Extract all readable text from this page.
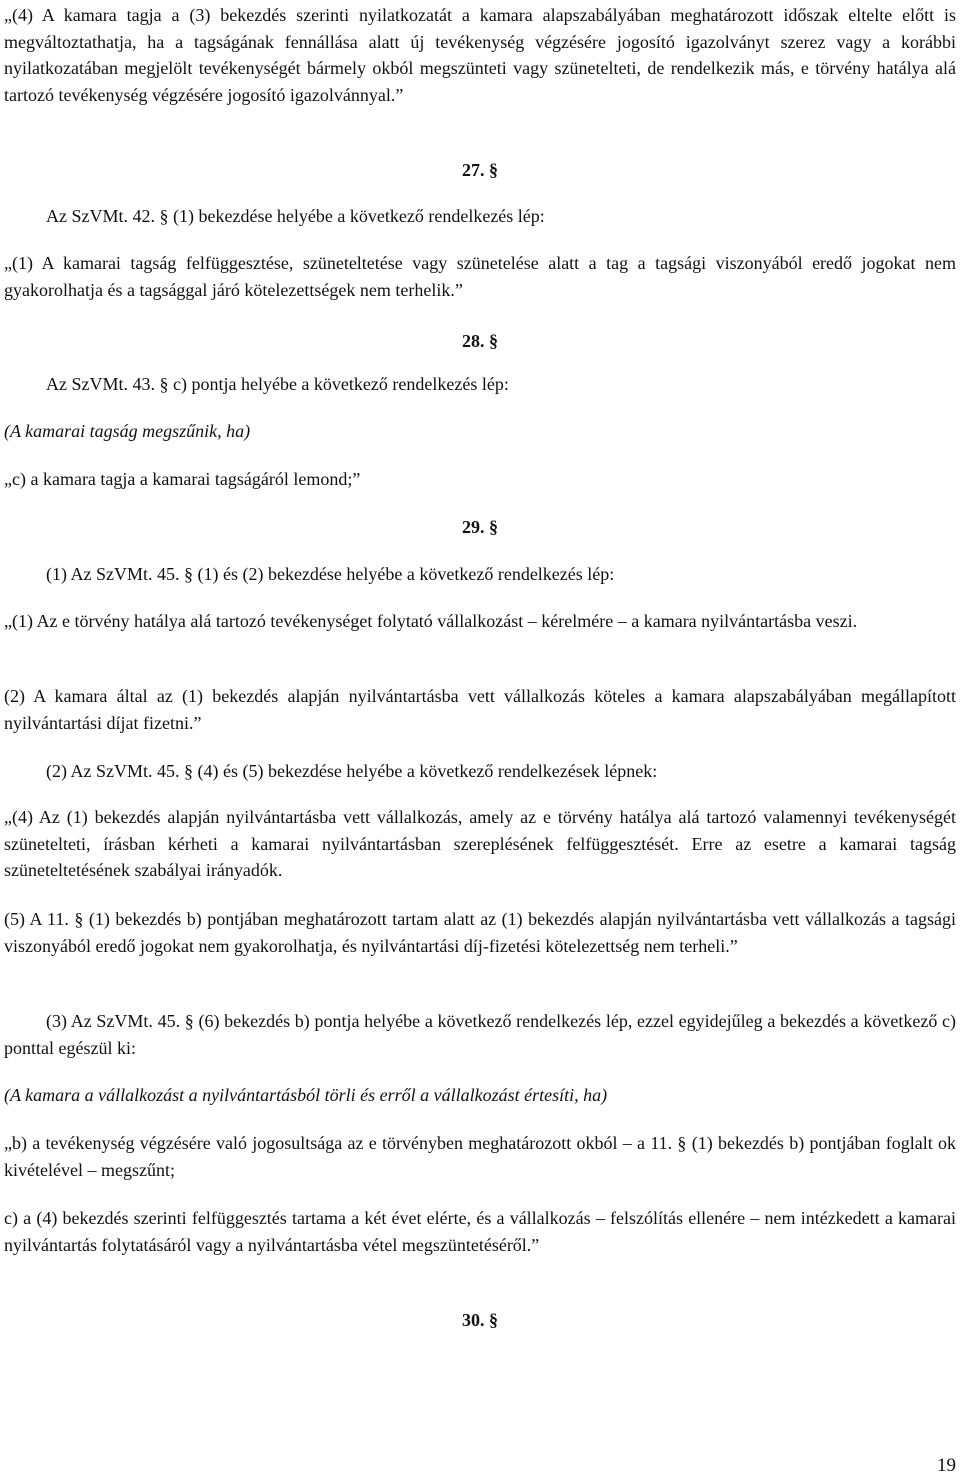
„(4) A kamara tagja a (3) bekezdés szerinti nyilatkozatát a kamara alapszabályában meghatározott időszak eltelte előtt is megváltoztathatja, ha a tagságának fennállása alatt új tevékenység végzésére jogosító igazolványt szerez vagy a korábbi nyilatkozatában megjelölt tevékenységét bármely okból megszünteti vagy szünetelteti, de rendelkezik más, e törvény hatálya alá tartozó tevékenység végzésére jogosító igazolvánnyal.”

27. §

Az SzVMt. 42. § (1) bekezdése helyébe a következő rendelkezés lép:

„(1) A kamarai tagság felfüggesztése, szüneteltetése vagy szünetelése alatt a tag a tagsági viszonyából eredő jogokat nem gyakorolhatja és a tagsággal járó kötelezettségek nem terhelik.”

28. §

Az SzVMt. 43. § c) pontja helyébe a következő rendelkezés lép:

(A kamarai tagság megszűnik, ha)

„c) a kamara tagja a kamarai tagságáról lemond;”

29. §

(1) Az SzVMt. 45. § (1) és (2) bekezdése helyébe a következő rendelkezés lép:

„(1) Az e törvény hatálya alá tartozó tevékenységet folytató vállalkozást – kérelmére – a kamara nyilvántartásba veszi.

(2) A kamara által az (1) bekezdés alapján nyilvántartásba vett vállalkozás köteles a kamara alapszabályában megállapított nyilvántartási díjat fizetni.”

(2) Az SzVMt. 45. § (4) és (5) bekezdése helyébe a következő rendelkezések lépnek:

„(4) Az (1) bekezdés alapján nyilvántartásba vett vállalkozás, amely az e törvény hatálya alá tartozó valamennyi tevékenységét szünetelteti, írásban kérheti a kamarai nyilvántartásban szereplésének felfüggesztését. Erre az esetre a kamarai tagság szüneteltetésének szabályai irányadók.

(5) A 11. § (1) bekezdés b) pontjában meghatározott tartam alatt az (1) bekezdés alapján nyilvántartásba vett vállalkozás a tagsági viszonyából eredő jogokat nem gyakorolhatja, és nyilvántartási díj-fizetési kötelezettség nem terheli.”

(3) Az SzVMt. 45. § (6) bekezdés b) pontja helyébe a következő rendelkezés lép, ezzel egyidejűleg a bekezdés a következő c) ponttal egészül ki:

(A kamara a vállalkozást a nyilvántartásból törli és erről a vállalkozást értesíti, ha)

„b) a tevékenység végzésére való jogosultsága az e törvényben meghatározott okból – a 11. § (1) bekezdés b) pontjában foglalt ok kivételével – megszűnt;

c) a (4) bekezdés szerinti felfüggesztés tartama a két évet elérte, és a vállalkozás – felszólítás ellenére – nem intézkedett a kamarai nyilvántartás folytatásáról vagy a nyilvántartásba vétel megszüntetéséről.”

30. §

19
